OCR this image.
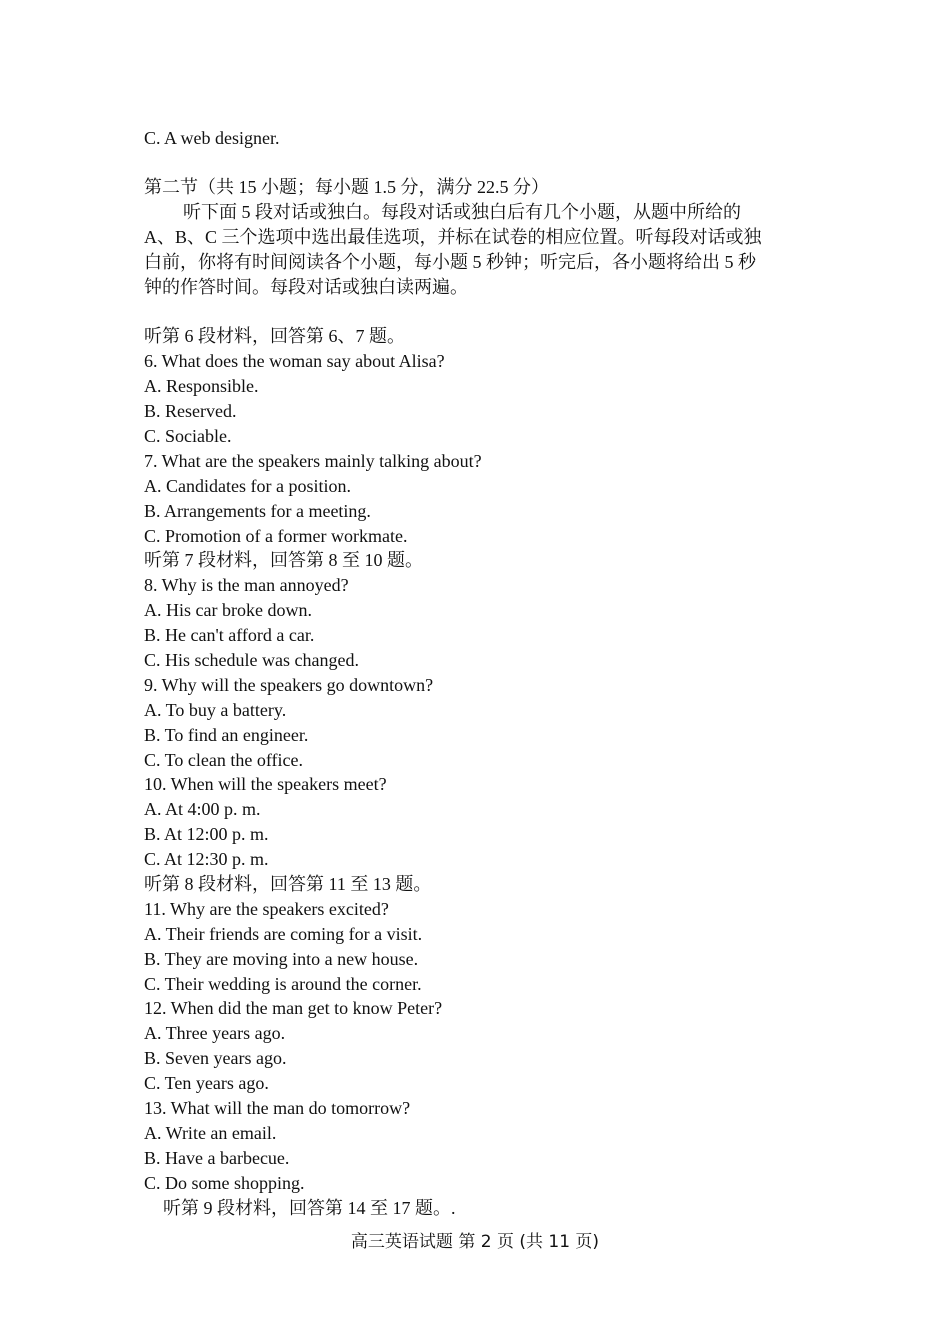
C. A web designer.
第二节（共 15 小题；每小题 1.5 分，满分 22.5 分）
听下面 5 段对话或独白。每段对话或独白后有几个小题，从题中所给的
A、B、C 三个选项中选出最佳选项，并标在试卷的相应位置。听每段对话或独
白前，你将有时间阅读各个小题，每小题 5 秒钟；听完后，各小题将给出 5 秒
钟的作答时间。每段对话或独白读两遍。
听第 6 段材料，回答第 6、7 题。
6. What does the woman say about Alisa?
A. Responsible.
B. Reserved.
C. Sociable.
7. What are the speakers mainly talking about?
A. Candidates for a position.
B. Arrangements for a meeting.
C. Promotion of a former workmate.
听第 7 段材料，回答第 8 至 10 题。
8. Why is the man annoyed?
A. His car broke down.
B. He can't afford a car.
C. His schedule was changed.
9. Why will the speakers go downtown?
A. To buy a battery.
B. To find an engineer.
C. To clean the office.
10. When will the speakers meet?
A. At 4:00 p. m.
B. At 12:00 p. m.
C. At 12:30 p. m.
听第 8 段材料，回答第 11 至 13 题。
11. Why are the speakers excited?
A. Their friends are coming for a visit.
B. They are moving into a new house.
C. Their wedding is around the corner.
12. When did the man get to know Peter?
A. Three years ago.
B. Seven years ago.
C. Ten years ago.
13. What will the man do tomorrow?
A. Write an email.
B. Have a barbecue.
C. Do some shopping.
听第 9 段材料，回答第 14 至 17 题。.
高三英语试题 第 2 页 (共 11 页)
